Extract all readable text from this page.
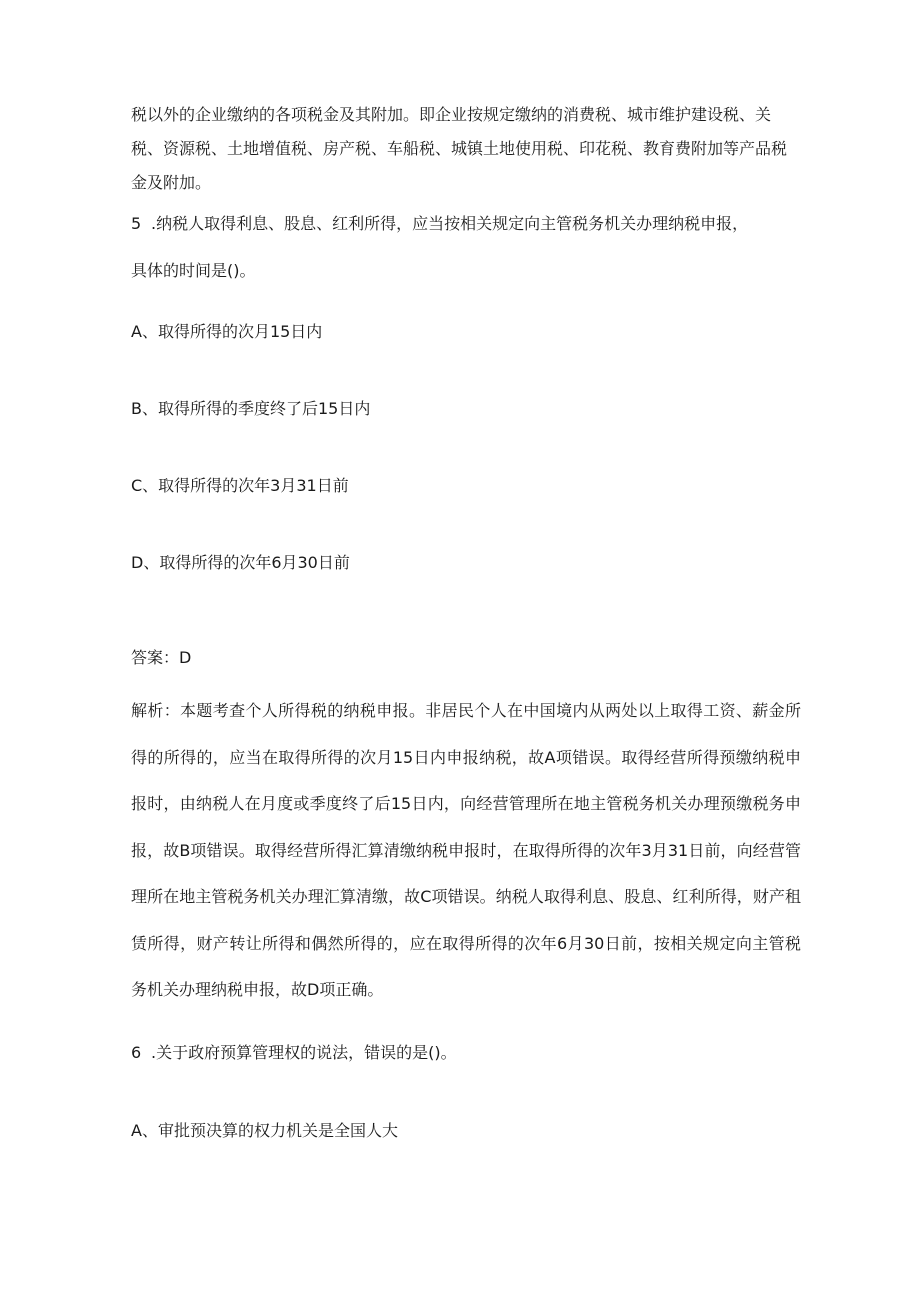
税以外的企业缴纳的各项税金及其附加。即企业按规定缴纳的消费税、城市维护建设税、关税、资源税、土地增值税、房产税、车船税、城镇土地使用税、印花税、教育费附加等产品税金及附加。

5 .纳税人取得利息、股息、红利所得，应当按相关规定向主管税务机关办理纳税申报，
具体的时间是()。
A、取得所得的次月15日内
B、取得所得的季度终了后15日内
C、取得所得的次年3月31日前
D、取得所得的次年6月30日前
答案：D

解析：本题考查个人所得税的纳税申报。非居民个人在中国境内从两处以上取得工资、薪金所得的所得的，应当在取得所得的次月15日内申报纳税，故A项错误。取得经营所得预缴纳税申报时，由纳税人在月度或季度终了后15日内，向经营管理所在地主管税务机关办理预缴税务申报，故B项错误。取得经营所得汇算清缴纳税申报时，在取得所得的次年3月31日前，向经营管理所在地主管税务机关办理汇算清缴，故C项错误。纳税人取得利息、股息、红利所得，财产租赁所得，财产转让所得和偶然所得的，应在取得所得的次年6月30日前，按相关规定向主管税务机关办理纳税申报，故D项正确。

6 .关于政府预算管理权的说法，错误的是()。
A、审批预决算的权力机关是全国人大
